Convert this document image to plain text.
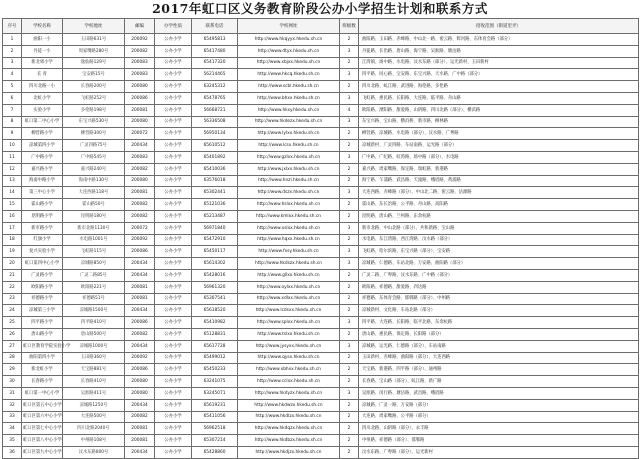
2017年虹口区义务教育阶段公办小学招生计划和联系方式
序号	学校名称	学校地址	邮编	办学性质	联系电话	学校网址	班级数	招收范围（街道里弄）
1	曲阳一小	玉田路631号	200092	公办小学	65495813	http://www.hkqyyx.hkedu.sh.cn	2	曲阳路、玉田路、赤峰路、中山北一路、密云路、辉河路、东体育会路（部分）
2	丹徒一小	周家嘴路280号	200082	公办小学	65417480	http://www.dtyx.hkedu.sh.cn	3	丹徒路、长治路、唐山路、海宁路、吴淞路、塘沽路
3	新北郊小学	逸仙路129号	200083	公办小学	65417320	http://www.xbjxx.hkedu.sh.cn	2	江湾镇、场中路、水电路、汶水东路（部分）、运光新村、玉田新村
4	长 青	宝安路15号	200083	公办小学	56214465	http://www.hkcq.hkedu.sh.cn	3	四平路、同心路、宝安路、东宝兴路、天水路、广中路（部分）
5	四川北路一小	长春路200号	200080	公办小学	63245312	http://www.scbl.hkedu.sh.cn	2	四川北路、虬江路、武进路、海伦路、多伦路
6	北虹小学	飞虹路252号	200086	公办小学	65478765	http://www.bhxx.hkedu.sh.cn	3	飞虹路、惠民路、长阳路、大连路、临平路、舟山路
7	实验小学	多伦路198号	200081	公办小学	56668721	http://www.hksy.hkedu.sh.cn	4	欧阳路、溧阳路、甜爱路、山阴路、四川北路（部分）、横浜路
8	虹口第二中心小学	东宝兴路530号	200080	公办小学	56336508	http://www.hkdezx.hkedu.sh.cn	3	东宝兴路、宝山路、横浜桥、新市路、柳林路
9	柳营路小学	柳营路300号	200072	公办小学	56950134	http://www.lylxx.hkedu.sh.cn	2	柳营路、凉城路、水电路（部分）、汶水路、广粤路
10	凉城第四小学	广灵四路75号	200434	公办小学	65610512	http://www.lcsx.hkedu.sh.cn	2	凉城新村、广灵四路、车站南路、运光路（部分）
11	广中路小学	广中路545号	200083	公办小学	65401892	http://www.gzlxx.hkedu.sh.cn	3	广中路、广纪路、虹湾路、场中路（部分）、水电路
12	嘉兴路小学	嘉兴路240号	200082	公办小学	65410036	http://www.jxlxx.hkedu.sh.cn	2	嘉兴路、周家嘴路、保定路、瑞虹路、新港路
13	海南中路小学	海南中路130号	200080	公办小学	63576018	http://www.hnzl.hkedu.sh.cn	2	海宁路、乍浦路、武昌路、天潼路、峨眉路、黄浦路
14	第三中心小学	大连西路118号	200081	公办小学	65302441	http://www.dszx.hkedu.sh.cn	3	大连西路、赤峰路（部分）、中山北二路、密云路、沽源路
15	霍山路小学	霍山路50号	200082	公办小学	65121036	http://www.hslxx.hkedu.sh.cn	2	霍山路、东长治路、公平路、舟山路、高阳路
16	昆明路小学	昆明路180号	200082	公办小学	65213487	http://www.kmlxx.hkedu.sh.cn	2	昆明路、唐山路、兰州路、东余杭路
17	新市路小学	新市北路1130号	200072	公办小学	56971840	http://www.xslxx.hkedu.sh.cn	3	新市北路、中山北路（部分）、共和新路、宝山路
18	红旗小学	水电路1001号	200092	公办小学	65472910	http://www.hqxx.hkedu.sh.cn	2	水电路、东江湾路、西江湾路、汶水路（部分）
19	复兴实验小学	飞虹路115号	200086	公办小学	65450117	http://www.fxsy.hkedu.sh.cn	3	飞虹路、哈尔滨路、东宝兴路（部分）、宝安路
20	虹口第四中心小学	凉城路850号	200434	公办小学	65614302	http://www.hkdszx.hkedu.sh.cn	3	凉城路、仁德路、车站北路、万安路、曲阳路（部分）
21	广灵路小学	广灵二路85号	200434	公办小学	65428016	http://www.gllxx.hkedu.sh.cn	2	广灵二路、广粤路、汶水东路、广中路（部分）
22	欧阳路小学	欧阳路221号	200081	公办小学	56961320	http://www.oylxx.hkedu.sh.cn	2	欧阳路、祥德路、甜爱路、四达路
23	祥德路小学	祥德路51号	200081	公办小学	65307541	http://www.xdlxx.hkedu.sh.cn	2	祥德路、东体育会路、邯郸路（部分）、中州路
24	凉城第三小学	凉城路1500号	200434	公办小学	65618520	http://www.lcdsxx.hkedu.sh.cn	2	凉城新村、文化路、车站北路（部分）
25	四平路小学	四平路410号	200086	公办小学	65410982	http://www.splxx.hkedu.sh.cn	3	四平路、大连路、长阳路、临平北路、东余杭路
26	唐山路小学	唐山路500号	200082	公办小学	65128831	http://www.tslxx.hkedu.sh.cn	2	唐山路、惠民路、保定路、长阳路（部分）
27	虹口区教育学院实验小学	凉城路1000号	200434	公办小学	65617728	http://www.jysyxx.hkedu.sh.cn	3	凉城路、运光路、仁德路（部分）、车站南路
28	曲阳第四小学	玉田路360号	200092	公办小学	65499012	http://www.qysx.hkedu.sh.cn	2	玉田新村、赤峰路、曲阳路（部分）、大连西路
29	新北虹小学	天宝路881号	200086	公办小学	65450233	http://www.xbhxx.hkedu.sh.cn	2	天宝路、新港路、四平路（部分）、通州路
30	长春路小学	长春路410号	200080	公办小学	63241075	http://www.cclxx.hkedu.sh.cn	2	长春路、宝山路（部分）、虬江路、新广路
31	虹口第一中心小学	吴淞路411号	200080	公办小学	63245071	http://www.hkdyzx.hkedu.sh.cn	3	吴淞路、闵行路、塘沽路、武昌路、峨眉路
32	虹口区第五中心小学	凉城路1250号	200434	公办小学	65619231	http://www.hkdwzx.hkedu.sh.cn	2	凉城路、广灵一路、万安路（部分）
33	虹口区第六中心小学	大连路500号	200082	公办小学	65411056	http://www.hkdlzx.hkedu.sh.cn	2	大连路、周家嘴路、公平路（部分）
34	虹口区第七中心小学	四川北路2040号	200081	公办小学	56962518	http://www.hkdqzx.hkedu.sh.cn	2	四川北路、山阴路（部分）、永丰路
35	虹口区第八中心小学	中州路108号	200081	公办小学	65307214	http://www.hkdbzx.hkedu.sh.cn	2	中州路、祥德路（部分）、邯郸路
36	虹口区第九中心小学	汶水东路800号	200434	公办小学	65428860	http://www.hkdjzx.hkedu.sh.cn	2	汶水东路、广粤路（部分）、运光新村
